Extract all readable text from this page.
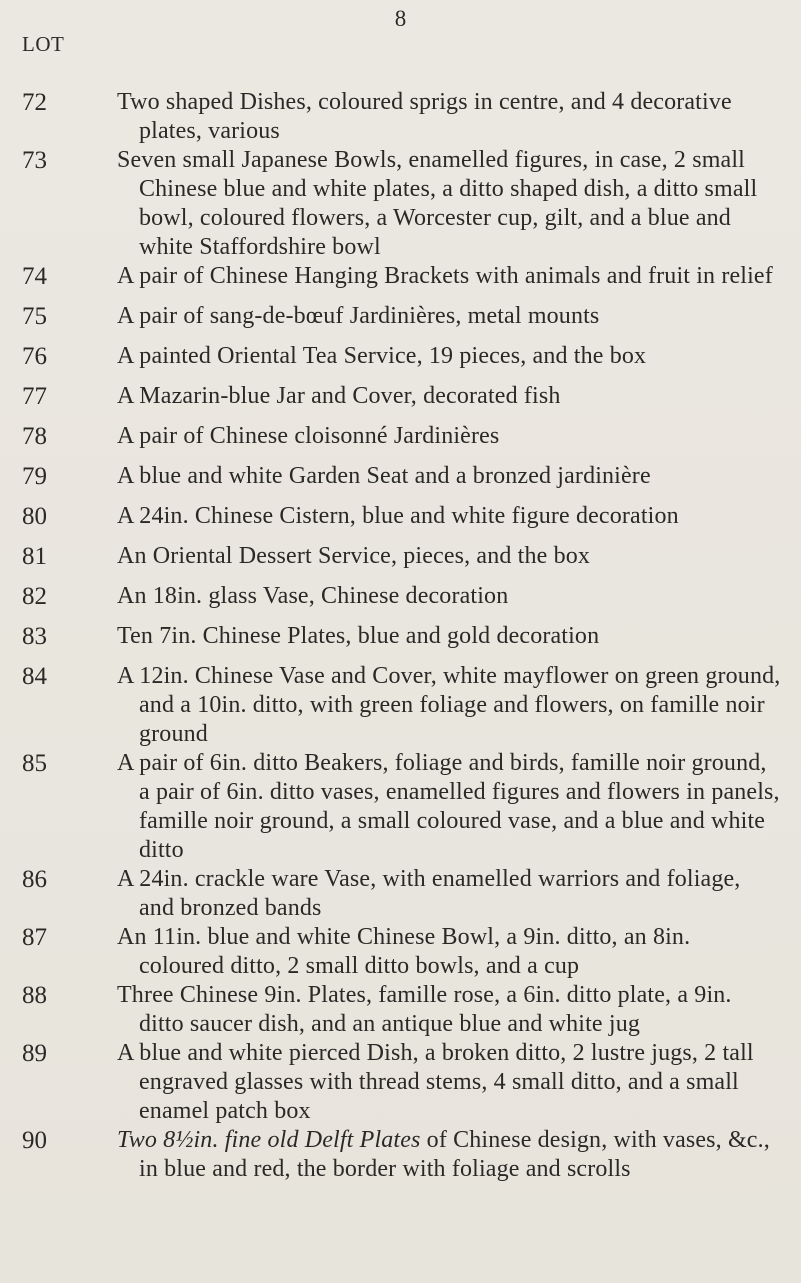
8
LOT
72	Two shaped Dishes, coloured sprigs in centre, and 4 decorative plates, various
73	Seven small Japanese Bowls, enamelled figures, in case, 2 small Chinese blue and white plates, a ditto shaped dish, a ditto small bowl, coloured flowers, a Worcester cup, gilt, and a blue and white Staffordshire bowl
74	A pair of Chinese Hanging Brackets with animals and fruit in relief
75	A pair of sang-de-bœuf Jardinières, metal mounts
76	A painted Oriental Tea Service, 19 pieces, and the box
77	A Mazarin-blue Jar and Cover, decorated fish
78	A pair of Chinese cloisonné Jardinières
79	A blue and white Garden Seat and a bronzed jardinière
80	A 24in. Chinese Cistern, blue and white figure decoration
81	An Oriental Dessert Service, pieces, and the box
82	An 18in. glass Vase, Chinese decoration
83	Ten 7in. Chinese Plates, blue and gold decoration
84	A 12in. Chinese Vase and Cover, white mayflower on green ground, and a 10in. ditto, with green foliage and flowers, on famille noir ground
85	A pair of 6in. ditto Beakers, foliage and birds, famille noir ground, a pair of 6in. ditto vases, enamelled figures and flowers in panels, famille noir ground, a small coloured vase, and a blue and white ditto
86	A 24in. crackle ware Vase, with enamelled warriors and foliage, and bronzed bands
87	An 11in. blue and white Chinese Bowl, a 9in. ditto, an 8in. coloured ditto, 2 small ditto bowls, and a cup
88	Three Chinese 9in. Plates, famille rose, a 6in. ditto plate, a 9in. ditto saucer dish, and an antique blue and white jug
89	A blue and white pierced Dish, a broken ditto, 2 lustre jugs, 2 tall engraved glasses with thread stems, 4 small ditto, and a small enamel patch box
90	Two 8½in. fine old Delft Plates of Chinese design, with vases, &c., in blue and red, the border with foliage and scrolls
